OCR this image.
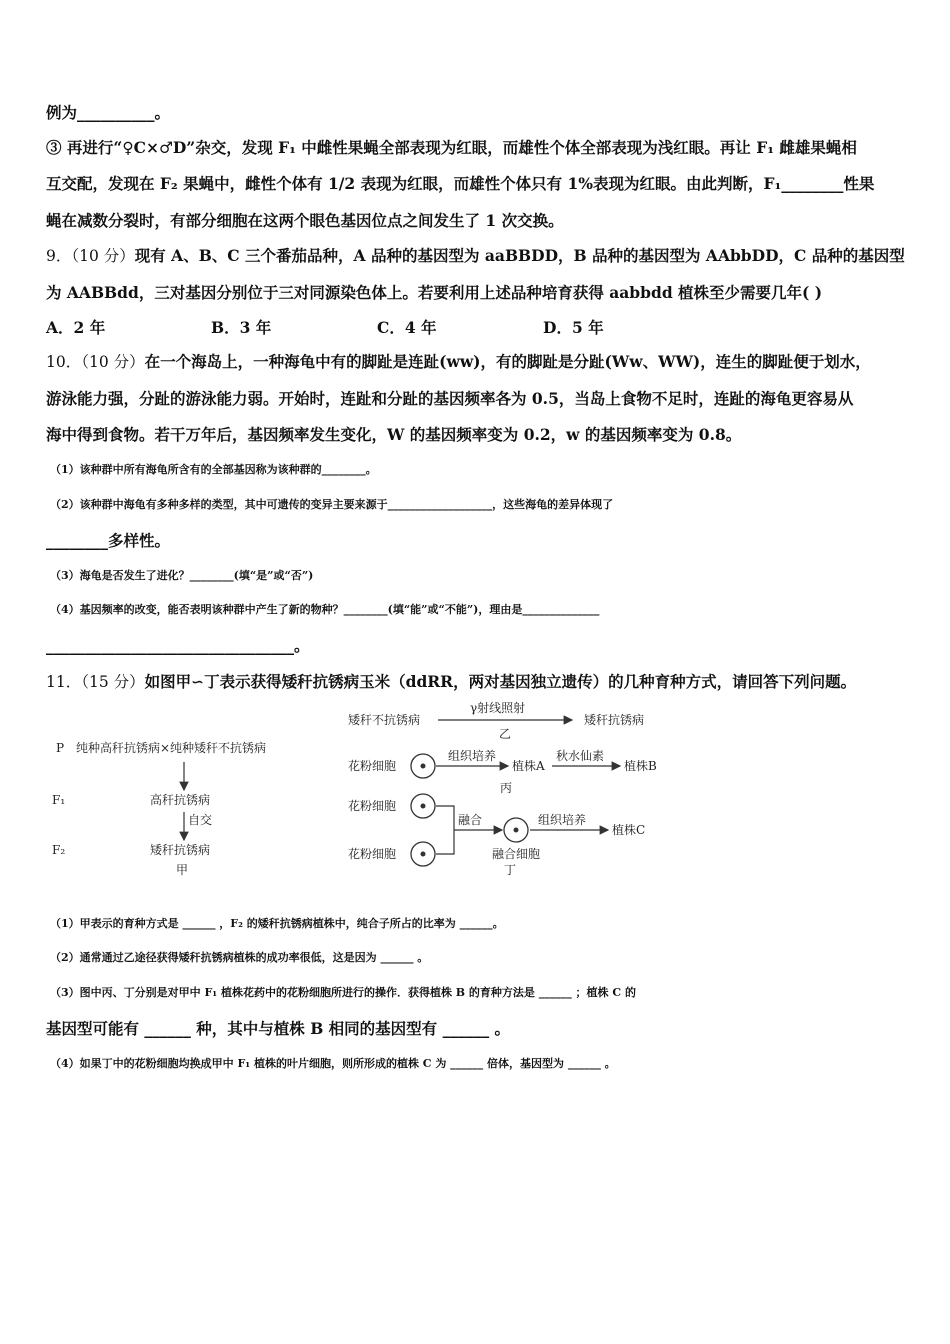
例为__________。
③ 再进行“♀C×♂D”杂交，发现 F₁ 中雌性果蝇全部表现为红眼，而雄性个体全部表现为浅红眼。再让 F₁ 雌雄果蝇相
互交配，发现在 F₂ 果蝇中，雌性个体有 1/2 表现为红眼，而雄性个体只有 1%表现为红眼。由此判断，F₁________性果
蝇在减数分裂时，有部分细胞在这两个眼色基因位点之间发生了 1 次交换。
9．（10 分）现有 A、B、C 三个番茄品种，A 品种的基因型为 aaBBDD，B 品种的基因型为 AAbbDD，C 品种的基因型
为 AABBdd，三对基因分别位于三对同源染色体上。若要利用上述品种培育获得 aabbdd 植株至少需要几年( )
A．2 年	B．3 年	C．4 年	D．5 年
10．（10 分）在一个海岛上，一种海龟中有的脚趾是连趾(ww)，有的脚趾是分趾(Ww、WW)，连生的脚趾便于划水，
游泳能力强，分趾的游泳能力弱。开始时，连趾和分趾的基因频率各为 0.5，当岛上食物不足时，连趾的海龟更容易从
海中得到食物。若干万年后，基因频率发生变化，W 的基因频率变为 0.2，w 的基因频率变为 0.8。
（1）该种群中所有海龟所含有的全部基因称为该种群的________。
（2）该种群中海龟有多种多样的类型，其中可遗传的变异主要来源于___________________，这些海龟的差异体现了
________多样性。
（3）海龟是否发生了进化？________(填“是”或“否”)
（4）基因频率的改变，能否表明该种群中产生了新的物种？________(填“能”或“不能”)，理由是______________
________________________________。
11．（15 分）如图甲∽丁表示获得矮秆抗锈病玉米（ddRR，两对基因独立遗传）的几种育种方式，请回答下列问题。
P 纯种高秆抗锈病×纯种矮秆不抗锈病
F₁	高秆抗锈病
自交
F₂	矮秆抗锈病
甲
矮秆不抗锈病
γ射线照射
矮秆抗锈病
乙
花粉细胞
组织培养
植株A
秋水仙素
植株B
丙
花粉细胞
花粉细胞
融合	组织培养
植株C
融合细胞
丁
（1）甲表示的育种方式是 ______ ，F₂ 的矮秆抗锈病植株中，纯合子所占的比率为 ______。
（2）通常通过乙途径获得矮秆抗锈病植株的成功率很低，这是因为 ______ 。
（3）图中丙、丁分别是对甲中 F₁ 植株花药中的花粉细胞所进行的操作．获得植株 B 的育种方法是 ______ ；植株 C 的
基因型可能有 ______ 种，其中与植株 B 相同的基因型有 ______ 。
（4）如果丁中的花粉细胞均换成甲中 F₁ 植株的叶片细胞，则所形成的植株 C 为 ______ 倍体，基因型为 ______ 。
